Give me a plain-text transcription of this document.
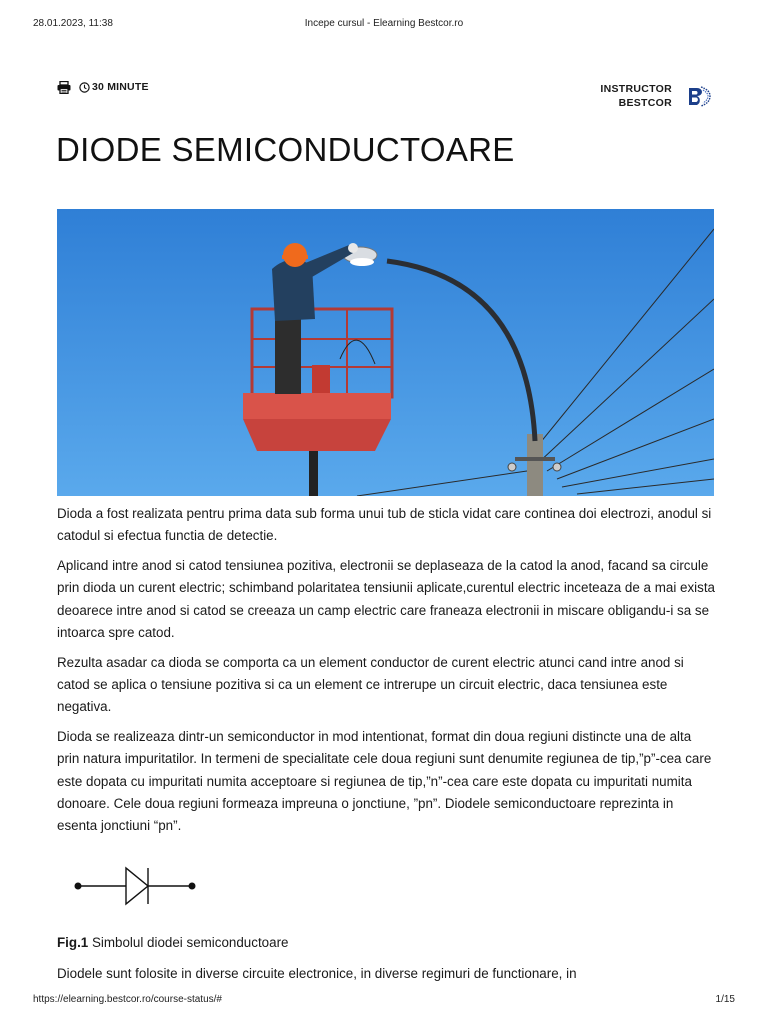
28.01.2023, 11:38	Incepe cursul - Elearning Bestcor.ro
30 MINUTE	INSTRUCTOR
BESTCOR
DIODE SEMICONDUCTOARE

Dioda a fost realizata pentru prima data sub forma unui tub de sticla vidat care continea doi electrozi, anodul si catodul si efectua functia de detectie.

Aplicand intre anod si catod tensiunea pozitiva, electronii se deplaseaza de la catod la anod, facand sa circule prin dioda un curent electric; schimband polaritatea tensiunii aplicate,curentul electric inceteaza de a mai exista deoarece intre anod si catod se creeaza un camp electric care franeaza electronii in miscare obligandu-i sa se intoarca spre catod.

Rezulta asadar ca dioda se comporta ca un element conductor de curent electric atunci cand intre anod si catod se aplica o tensiune pozitiva si ca un element ce intrerupe un circuit electric, daca tensiunea este negativa.

Dioda se realizeaza dintr-un semiconductor in mod intentionat, format din doua regiuni distincte una de alta prin natura impuritatilor. In termeni de specialitate cele doua regiuni sunt denumite regiunea de tip,”p”-cea care este dopata cu impuritati numita acceptoare si regiunea de tip,”n”-cea care este dopata cu impuritati numita donoare. Cele doua regiuni formeaza impreuna o jonctiune, ”pn”. Diodele semiconductoare reprezinta in esenta jonctiuni “pn”.

Fig.1 Simbolul diodei semiconductoare

Diodele sunt folosite in diverse circuite electronice, in diverse regimuri de functionare, in

https://elearning.bestcor.ro/course-status/#	1/15
